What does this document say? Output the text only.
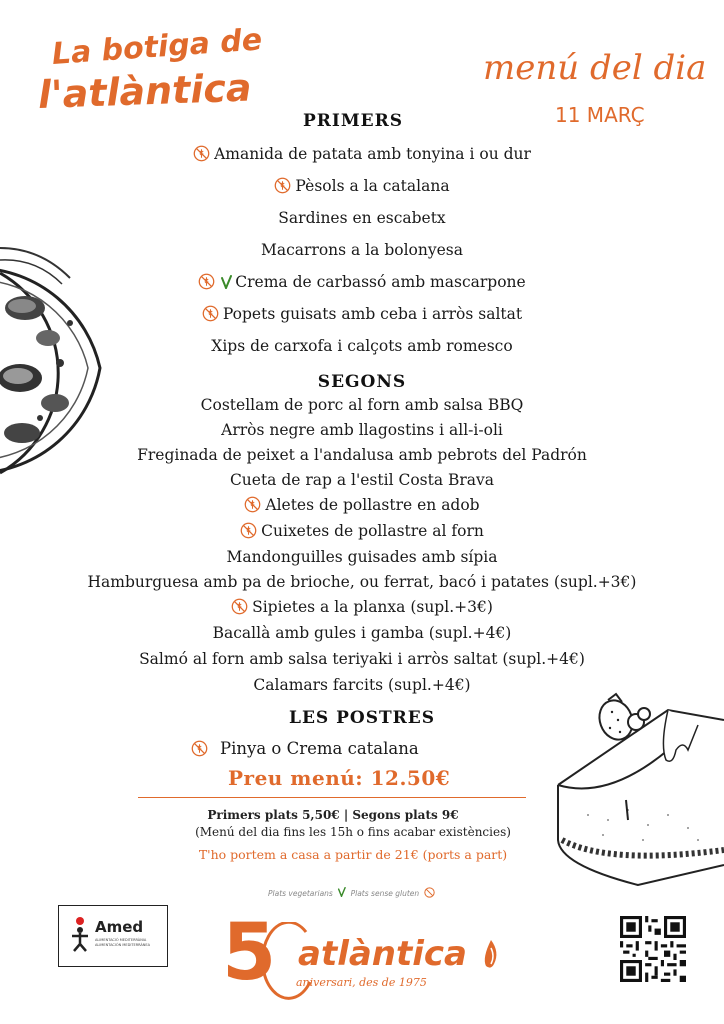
La botiga de
l'atlàntica	menú del dia
11 MARÇ
PRIMERS
Amanida de patata amb tonyina i ou dur
Pèsols a la catalana
Sardines en escabetx
Macarrons a la bolonyesa
Crema de carbassó amb mascarpone
Popets guisats amb ceba i arròs saltat
Xips de carxofa i calçots amb romesco
SEGONS
Costellam de porc al forn amb salsa BBQ
Arròs negre amb llagostins i all-i-oli
Freginada de peixet a l'andalusa amb pebrots del Padrón
Cueta de rap a l'estil Costa Brava
Aletes de pollastre en adob
Cuixetes de pollastre al forn
Mandonguilles guisades amb sípia
Hamburguesa amb pa de brioche, ou ferrat, bacó i patates (supl.+3€)
Sipietes a la planxa (supl.+3€)
Bacallà amb gules i gamba (supl.+4€)
Salmó al forn amb salsa teriyaki i arròs saltat (supl.+4€)
Calamars farcits (supl.+4€)
LES POSTRES
Pinya o Crema catalana
Preu menú: 12.50€
Primers plats 5,50€ | Segons plats 9€
(Menú del dia fins les 15h o fins acabar existències)
T'ho portem a casa a partir de 21€ (ports a part)
Plats vegetarians Plats sense gluten
Amed
ALIMENTACIÓ MEDITERRÀNIA
ALIMENTACIÓN MEDITERRÁNEA 5 atlàntica
aniversari, des de 1975
